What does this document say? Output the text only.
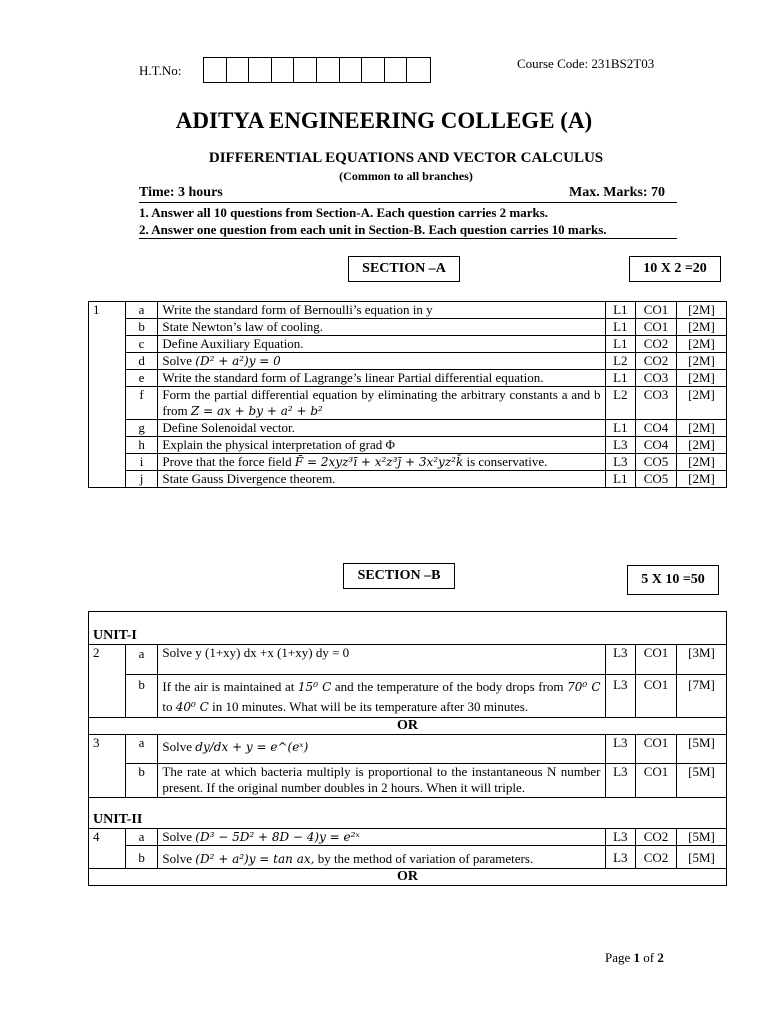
H.T.No:	Course Code: 231BS2T03
ADITYA ENGINEERING COLLEGE (A)
DIFFERENTIAL EQUATIONS AND VECTOR CALCULUS
(Common to all branches)
Time: 3 hours	Max. Marks: 70
1. Answer all 10 questions from Section-A. Each question carries 2 marks.
2. Answer one question from each unit in Section-B. Each question carries 10 marks.
SECTION –A	10 X 2 =20
1	a	Write the standard form of Bernoulli’s equation in y	L1	CO1	[2M]
	b	State Newton’s law of cooling.	L1	CO1	[2M]
	c	Define Auxiliary Equation.	L1	CO2	[2M]
	d	Solve (D² + a²)y = 0	L2	CO2	[2M]
	e	Write the standard form of Lagrange’s linear Partial differential equation.	L1	CO3	[2M]
	f	Form the partial differential equation by eliminating the arbitrary constants a and b from Z = ax + by + a² + b²	L2	CO3	[2M]
	g	Define Solenoidal vector.	L1	CO4	[2M]
	h	Explain the physical interpretation of grad Φ	L3	CO4	[2M]
	i	Prove that the force field F̄ = 2xyz³ī + x²z³j̄ + 3x²yz²k̄ is conservative.	L3	CO5	[2M]
	j	State Gauss Divergence theorem.	L1	CO5	[2M]
SECTION –B	5 X 10 =50
UNIT-I					
2	a	Solve y (1+xy) dx +x (1+xy) dy = 0	L3	CO1	[3M]
	b	If the air is maintained at 15⁰ C and the temperature of the body drops from 70⁰ C to 40⁰ C in 10 minutes. What will be its temperature after 30 minutes.	L3	CO1	[7M]
OR					
3	a	Solve dy/dx + y = e^(eˣ)	L3	CO1	[5M]
	b	The rate at which bacteria multiply is proportional to the instantaneous N number present. If the original number doubles in 2 hours. When it will triple.	L3	CO1	[5M]
UNIT-II					
4	a	Solve (D³ − 5D² + 8D − 4)y = e²ˣ	L3	CO2	[5M]
	b	Solve (D² + a²)y = tan ax, by the method of variation of parameters.	L3	CO2	[5M]
OR					
Page 1 of 2
